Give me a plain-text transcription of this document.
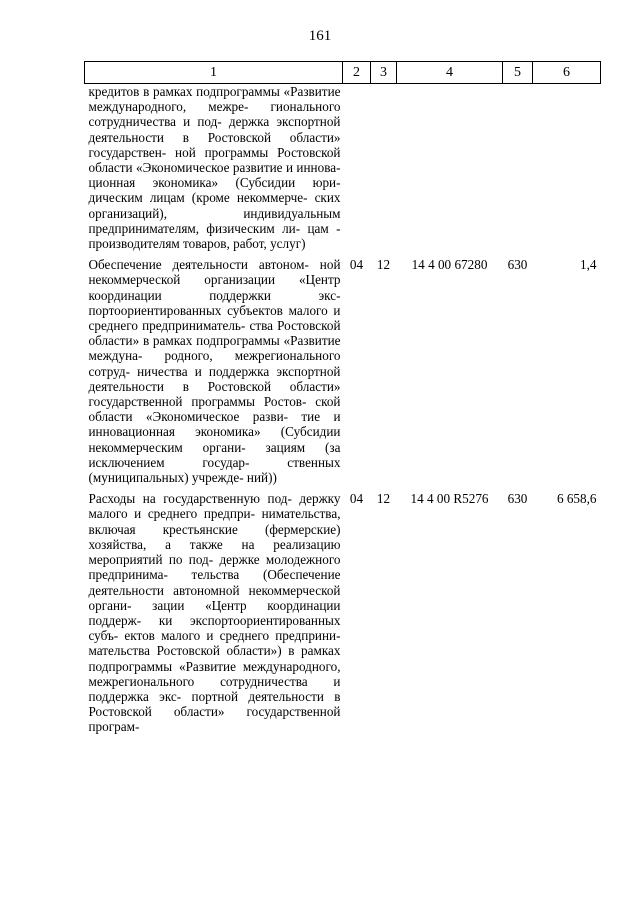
161
1	2	3	4	5	6
кредитов в рамках подпрограммы «Развитие международного, межре- гионального сотрудничества и под- держка экспортной деятельности в Ростовской области» государствен- ной программы Ростовской области «Экономическое развитие и иннова- ционная экономика» (Субсидии юри- дическим лицам (кроме некоммерче- ских организаций), индивидуальным предпринимателям, физическим ли- цам - производителям товаров, работ, услуг)					
Обеспечение деятельности автоном- ной некоммерческой организации «Центр координации поддержки экс- портоориентированных субъектов малого и среднего предприниматель- ства Ростовской области» в рамках подпрограммы «Развитие междуна- родного, межрегионального сотруд- ничества и поддержка экспортной деятельности в Ростовской области» государственной программы Ростов- ской области «Экономическое разви- тие и инновационная экономика» (Субсидии некоммерческим органи- зациям (за исключением государ- ственных (муниципальных) учрежде- ний))	04	12	14 4 00 67280	630	1,4
Расходы на государственную под- держку малого и среднего предпри- нимательства, включая крестьянские (фермерские) хозяйства, а также на реализацию мероприятий по под- держке молодежного предпринима- тельства (Обеспечение деятельности автономной некоммерческой органи- зации «Центр координации поддерж- ки экспортоориентированных субъ- ектов малого и среднего предприни- мательства Ростовской области») в рамках подпрограммы «Развитие международного, межрегионального сотрудничества и поддержка экс- портной деятельности в Ростовской области» государственной програм-	04	12	14 4 00 R5276	630	6 658,6
